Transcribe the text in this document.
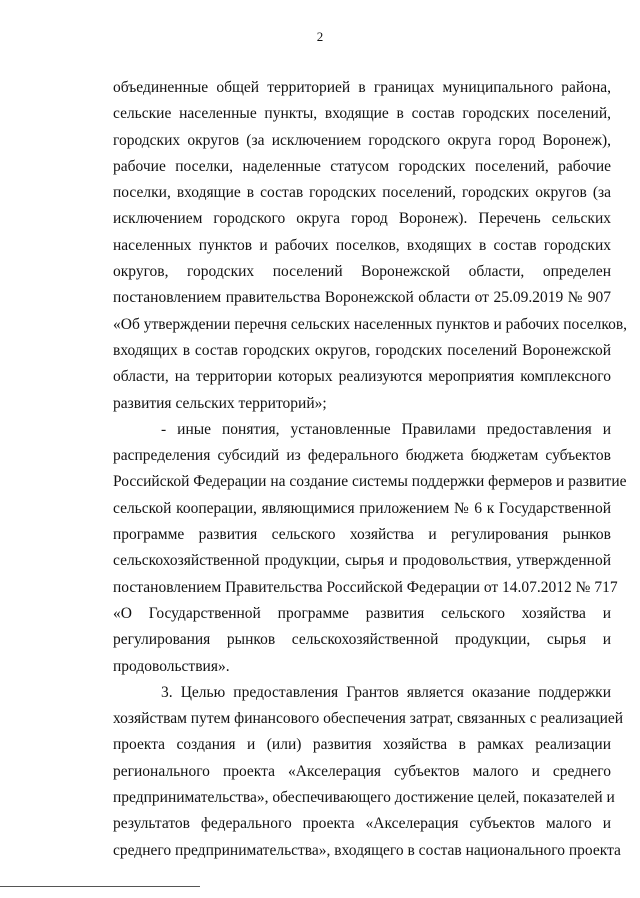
2
объединенные общей территорией в границах муниципального района,
сельские населенные пункты, входящие в состав городских поселений,
городских округов (за исключением городского округа город Воронеж),
рабочие поселки, наделенные статусом городских поселений, рабочие
поселки, входящие в состав городских поселений, городских округов (за
исключением городского округа город Воронеж). Перечень сельских
населенных пунктов и рабочих поселков, входящих в состав городских
округов, городских поселений Воронежской области, определен
постановлением правительства Воронежской области от 25.09.2019 № 907
«Об утверждении перечня сельских населенных пунктов и рабочих поселков,
входящих в состав городских округов, городских поселений Воронежской
области, на территории которых реализуются мероприятия комплексного
развития сельских территорий»;
- иные понятия, установленные Правилами предоставления и
распределения субсидий из федерального бюджета бюджетам субъектов
Российской Федерации на создание системы поддержки фермеров и развитие
сельской кооперации, являющимися приложением № 6 к Государственной
программе развития сельского хозяйства и регулирования рынков
сельскохозяйственной продукции, сырья и продовольствия, утвержденной
постановлением Правительства Российской Федерации от 14.07.2012 № 717
«О Государственной программе развития сельского хозяйства и
регулирования рынков сельскохозяйственной продукции, сырья и
продовольствия».
3. Целью предоставления Грантов является оказание поддержки
хозяйствам путем финансового обеспечения затрат, связанных с реализацией
проекта создания и (или) развития хозяйства в рамках реализации
регионального проекта «Акселерация субъектов малого и среднего
предпринимательства», обеспечивающего достижение целей, показателей и
результатов федерального проекта «Акселерация субъектов малого и
среднего предпринимательства», входящего в состав национального проекта
